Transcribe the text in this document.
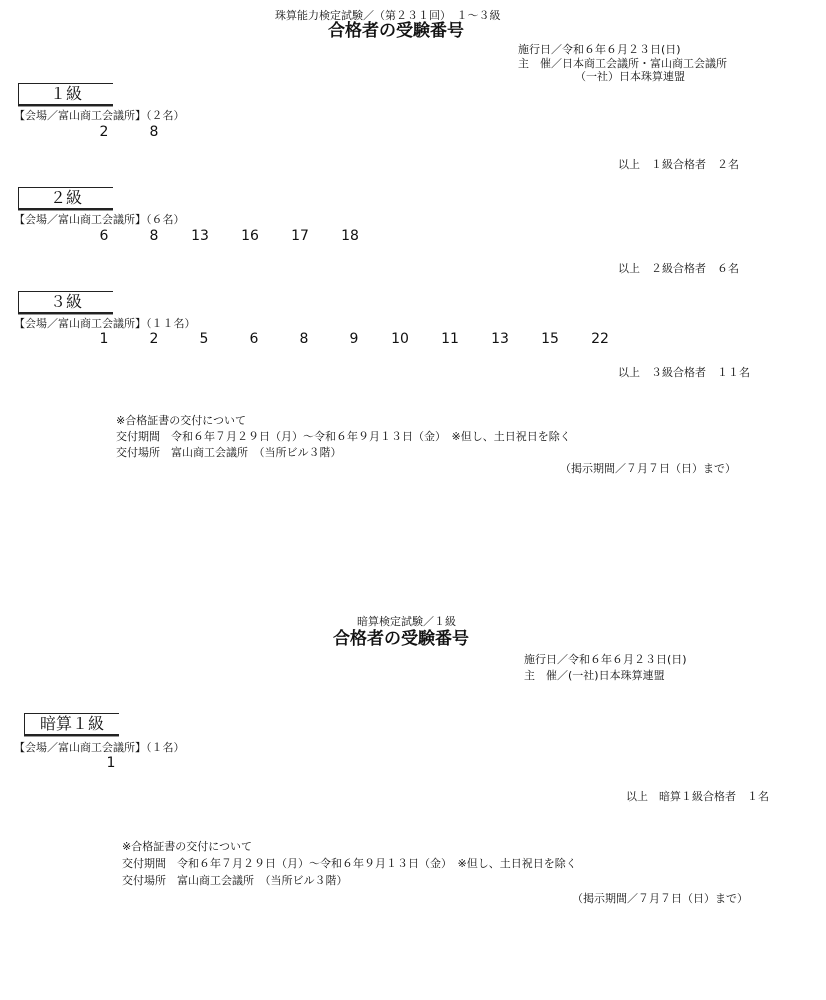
珠算能力検定試験／（第２３１回）　１～３級
合格者の受験番号
施行日／令和６年６月２３日(日)
主　催／日本商工会議所・富山商工会議所
（一社）日本珠算連盟
１級
【会場／富山商工会議所】（２名）
2	8
以上　１級合格者　２名
２級
【会場／富山商工会議所】（６名）
6	8	13	16	17	18
以上　２級合格者　６名
３級
【会場／富山商工会議所】（１１名）
1	2	5	6	8	9	10	11	13	15	22
以上　３級合格者　１１名
※合格証書の交付について
交付期間　令和６年７月２９日（月）～令和６年９月１３日（金）　※但し、土日祝日を除く
交付場所　富山商工会議所　（当所ビル３階）
（掲示期間／７月７日（日）まで）
暗算検定試験／１級
合格者の受験番号
施行日／令和６年６月２３日(日)
主　催／(一社)日本珠算連盟
暗算１級
【会場／富山商工会議所】（１名）
1
以上　暗算１級合格者　１名
※合格証書の交付について
交付期間　令和６年７月２９日（月）～令和６年９月１３日（金）　※但し、土日祝日を除く
交付場所　富山商工会議所　（当所ビル３階）
（掲示期間／７月７日（日）まで）
